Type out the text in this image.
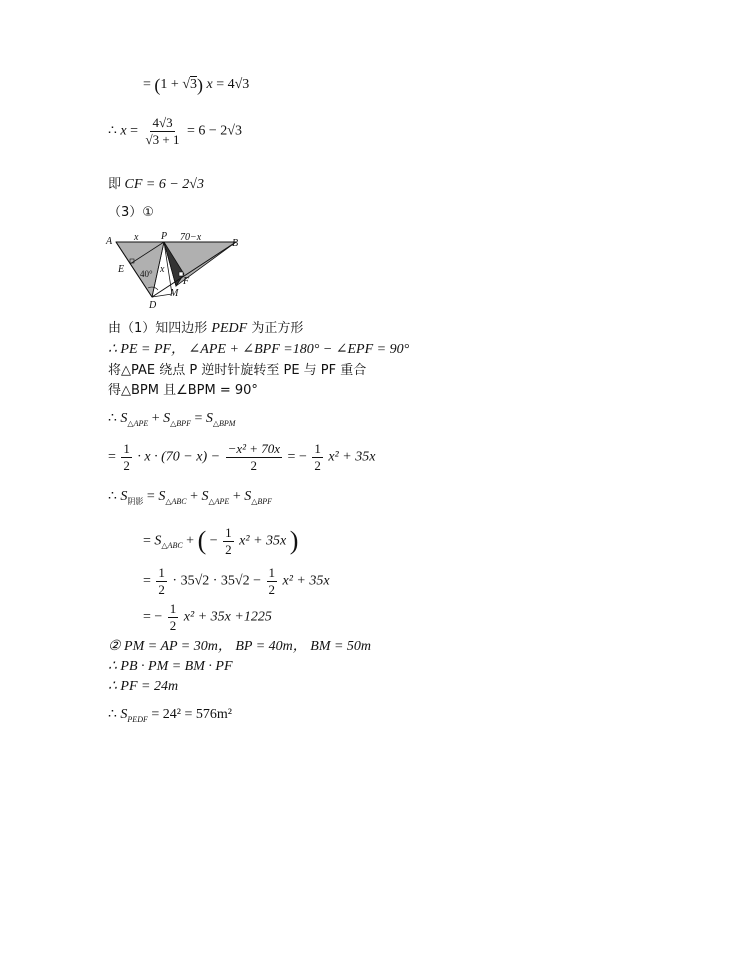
= (1 + √3) x = 4√3
∴ $x = \frac{4√3}{√3 + 1} = 6 - 2√3$
即 CF = 6 − 2√3
（3）①
A x P 70−x
B
E 40° x
F
M
D
由（1）知四边形 PEDF 为正方形
∴ PE = PF， ∠APE + ∠BPF =180° − ∠EPF = 90°
将△PAE 绕点 P 逆时针旋转至 PE 与 PF 重合
得△BPM 且∠BPM = 90°
∴ $S_{\triangle APE} + S_{\triangle BPF} = S_{\triangle BPM}$
= $\frac{1}{2} \cdot x \cdot (70 - x) - \frac{\text{−x² + 70x}}{2}$ = − $\frac{1}{2} x^2 + 35x$
∴ $S_{阴影} = S_{\triangle ABC} + S_{\triangle APE} + S_{\triangle BPF}$
= $S_{\triangle ABC}$ + ( − $\frac{1}{2} x^2 + 35x$ )
= $\frac{1}{2} \cdot 35√2 \cdot 35√2 - \frac{1}{2} x^2 + 35x$
= − $\frac{1}{2} x^2 + 35x +1225$
② PM = AP = 30m， BP = 40m， BM = 50m
∴ PB · PM = BM · PF
∴ PF = 24m
∴ $S_{PEDF} = 24^2 = 576m^2$
